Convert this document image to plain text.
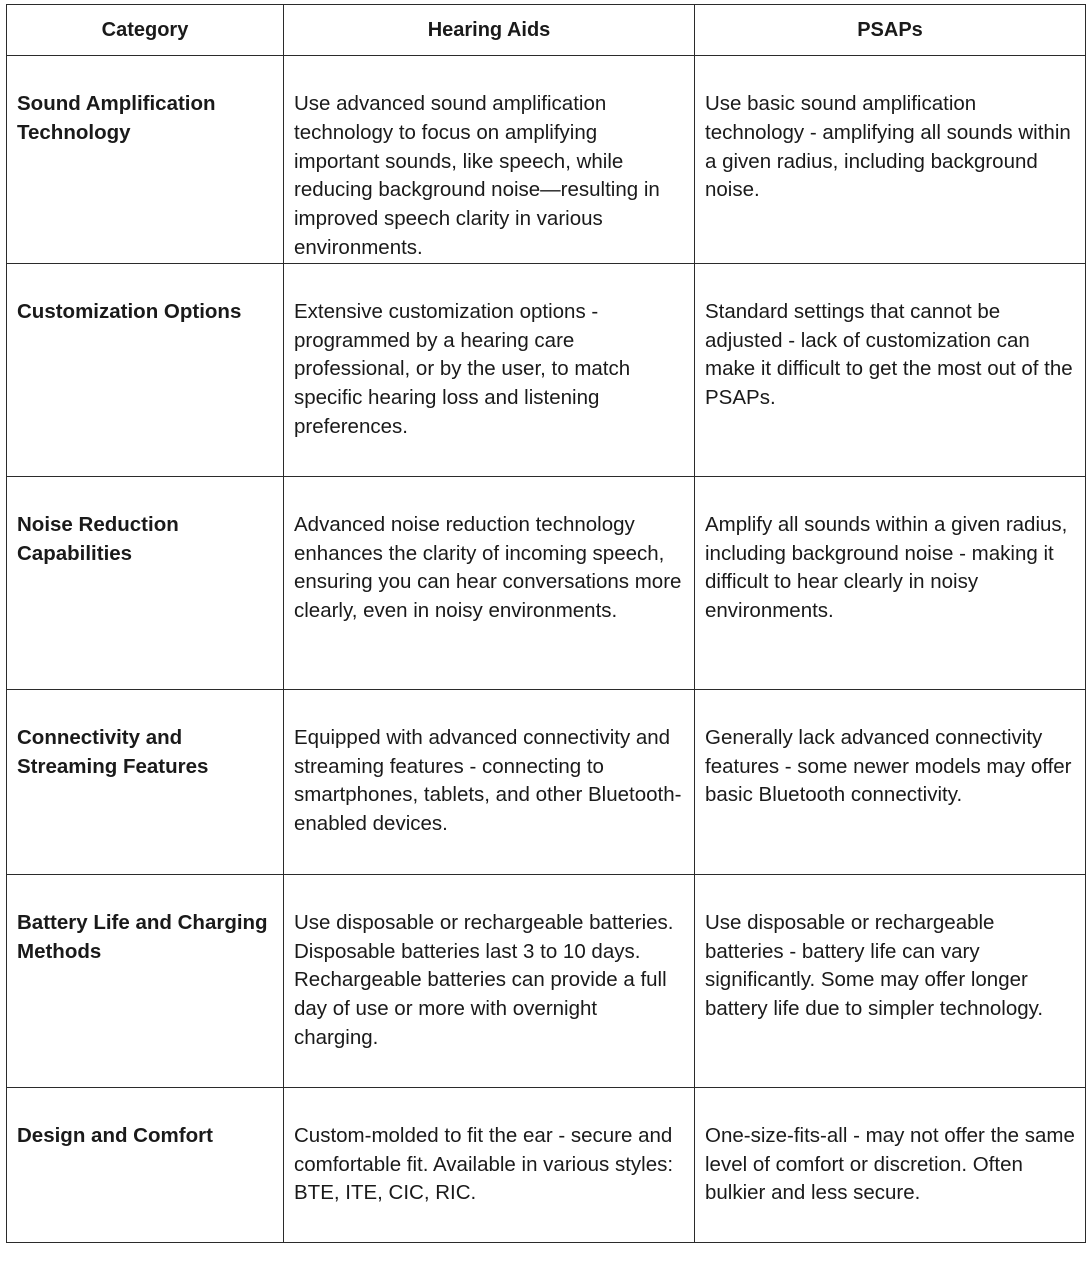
Category	Hearing Aids	PSAPs
Sound Amplification Technology	Use advanced sound amplification technology to focus on amplifying important sounds, like speech, while reducing background noise—resulting in improved speech clarity in various environments.	Use basic sound amplification technology - amplifying all sounds within a given radius, including background noise.
Customization Options	Extensive customization options - programmed by a hearing care professional, or by the user, to match specific hearing loss and listening preferences.	Standard settings that cannot be adjusted - lack of customization can make it difficult to get the most out of the PSAPs.
Noise Reduction Capabilities	Advanced noise reduction technology enhances the clarity of incoming speech, ensuring you can hear conversations more clearly, even in noisy environments.	Amplify all sounds within a given radius, including background noise - making it difficult to hear clearly in noisy environments.
Connectivity and Streaming Features	Equipped with advanced connectivity and streaming features - connecting to smartphones, tablets, and other Bluetooth-enabled devices.	Generally lack advanced connectivity features - some newer models may offer basic Bluetooth connectivity.
Battery Life and Charging Methods	Use disposable or rechargeable batteries. Disposable batteries last 3 to 10 days. Rechargeable batteries can provide a full day of use or more with overnight charging.	Use disposable or rechargeable batteries - battery life can vary significantly. Some may offer longer battery life due to simpler technology.
Design and Comfort	Custom-molded to fit the ear - secure and comfortable fit. Available in various styles: BTE, ITE, CIC, RIC.	One-size-fits-all - may not offer the same level of comfort or discretion. Often bulkier and less secure.
